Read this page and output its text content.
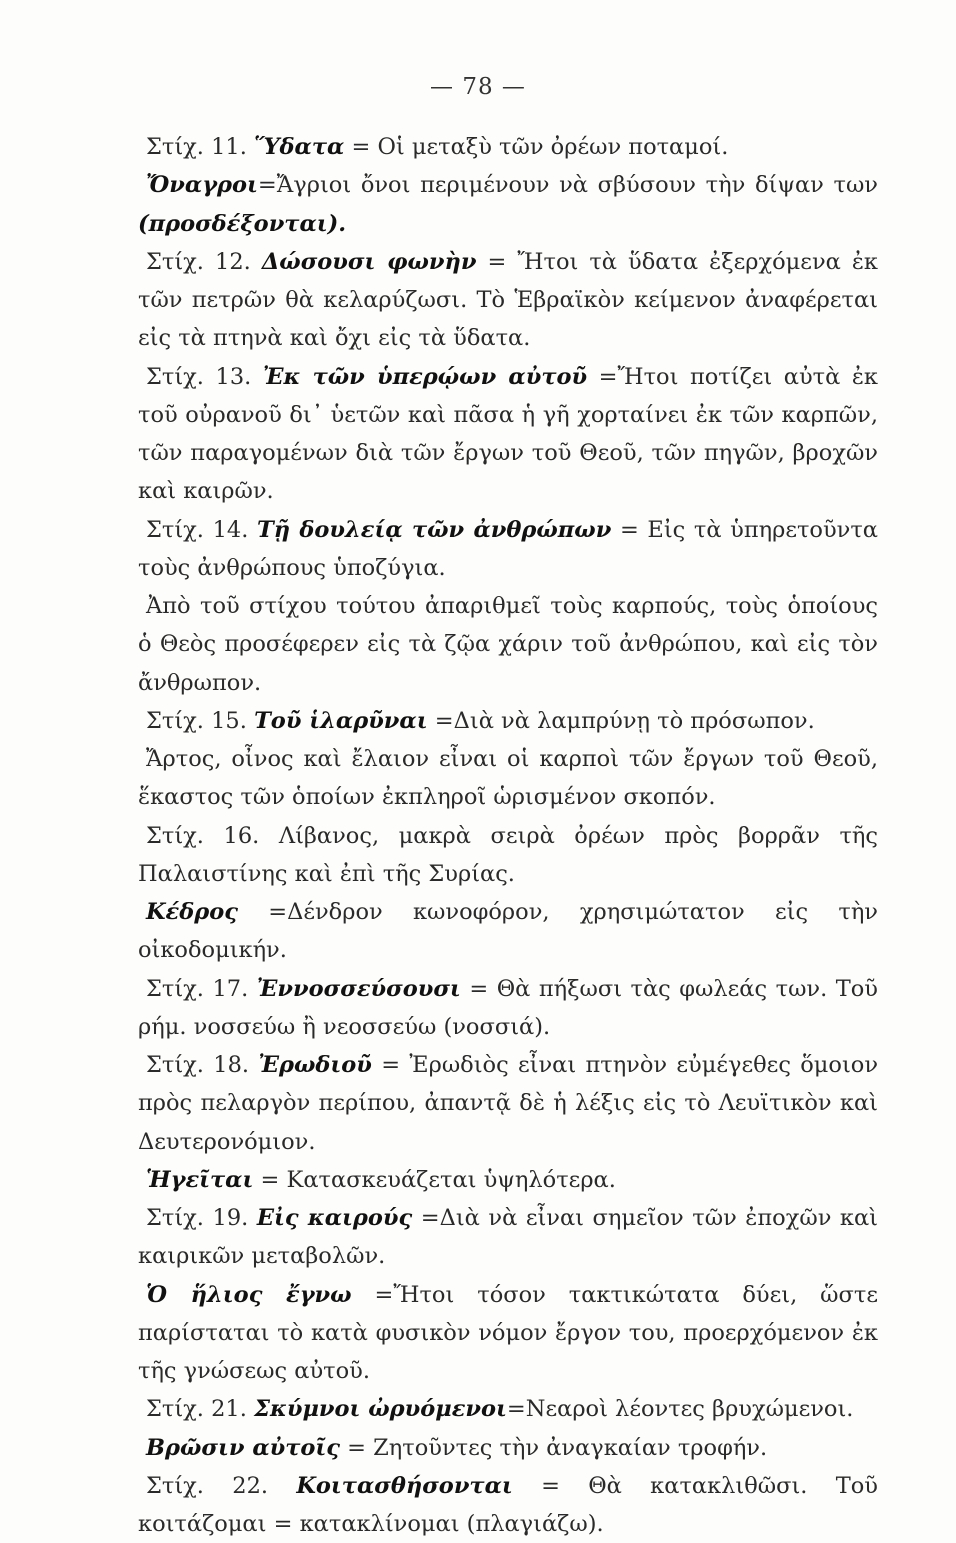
— 78 —

Στίχ. 11. Ὕδατα = Οἱ μεταξὺ τῶν ὀρέων ποταμοί.

Ὄναγροι=Ἄγριοι ὄνοι περιμένουν νὰ σβύσουν τὴν δίψαν των (προσδέξονται).

Στίχ. 12. Δώσουσι φωνὴν = Ἤτοι τὰ ὕδατα ἐξερχόμενα ἐκ τῶν πετρῶν θὰ κελαρύζωσι. Τὸ Ἑβραϊκὸν κείμενον ἀναφέρεται εἰς τὰ πτηνὰ καὶ ὄχι εἰς τὰ ὕδατα.

Στίχ. 13. Ἐκ τῶν ὑπερῴων αὐτοῦ =Ἤτοι ποτίζει αὐτὰ ἐκ τοῦ οὐρανοῦ δι᾿ ὑετῶν καὶ πᾶσα ἡ γῆ χορταίνει ἐκ τῶν καρπῶν, τῶν παραγομένων διὰ τῶν ἔργων τοῦ Θεοῦ, τῶν πηγῶν, βροχῶν καὶ καιρῶν.

Στίχ. 14. Τῇ δουλείᾳ τῶν ἀνθρώπων = Εἰς τὰ ὑπηρετοῦντα τοὺς ἀνθρώπους ὑποζύγια.

Ἀπὸ τοῦ στίχου τούτου ἀπαριθμεῖ τοὺς καρπούς, τοὺς ὁποίους ὁ Θεὸς προσέφερεν εἰς τὰ ζῷα χάριν τοῦ ἀνθρώπου, καὶ εἰς τὸν ἄνθρωπον.

Στίχ. 15. Τοῦ ἱλαρῦναι =Διὰ νὰ λαμπρύνῃ τὸ πρόσωπον.

Ἄρτος, οἶνος καὶ ἔλαιον εἶναι οἱ καρποὶ τῶν ἔργων τοῦ Θεοῦ, ἕκαστος τῶν ὁποίων ἐκπληροῖ ὡρισμένον σκοπόν.

Στίχ. 16. Λίβανος, μακρὰ σειρὰ ὀρέων πρὸς βορρᾶν τῆς Παλαιστίνης καὶ ἐπὶ τῆς Συρίας.

Κέδρος =Δένδρον κωνοφόρον, χρησιμώτατον εἰς τὴν οἰκοδομικήν.

Στίχ. 17. Ἐννοσσεύσουσι = Θὰ πήξωσι τὰς φωλεάς των. Τοῦ ρήμ. νοσσεύω ἢ νεοσσεύω (νοσσιά).

Στίχ. 18. Ἐρωδιοῦ = Ἐρωδιὸς εἶναι πτηνὸν εὐμέγεθες ὅμοιον πρὸς πελαργὸν περίπου, ἀπαντᾷ δὲ ἡ λέξις εἰς τὸ Λευϊτικὸν καὶ Δευτερονόμιον.

Ἡγεῖται = Κατασκευάζεται ὑψηλότερα.

Στίχ. 19. Εἰς καιρούς =Διὰ νὰ εἶναι σημεῖον τῶν ἐποχῶν καὶ καιρικῶν μεταβολῶν.

Ὁ ἥλιος ἔγνω =Ἤτοι τόσον τακτικώτατα δύει, ὥστε παρίσταται τὸ κατὰ φυσικὸν νόμον ἔργον του, προερχόμενον ἐκ τῆς γνώσεως αὐτοῦ.

Στίχ. 21. Σκύμνοι ὠρυόμενοι=Νεαροὶ λέοντες βρυχώμενοι.

Βρῶσιν αὐτοῖς = Ζητοῦντες τὴν ἀναγκαίαν τροφήν.

Στίχ. 22. Κοιτασθήσονται = Θὰ κατακλιθῶσι. Τοῦ κοιτάζομαι = κατακλίνομαι (πλαγιάζω).
